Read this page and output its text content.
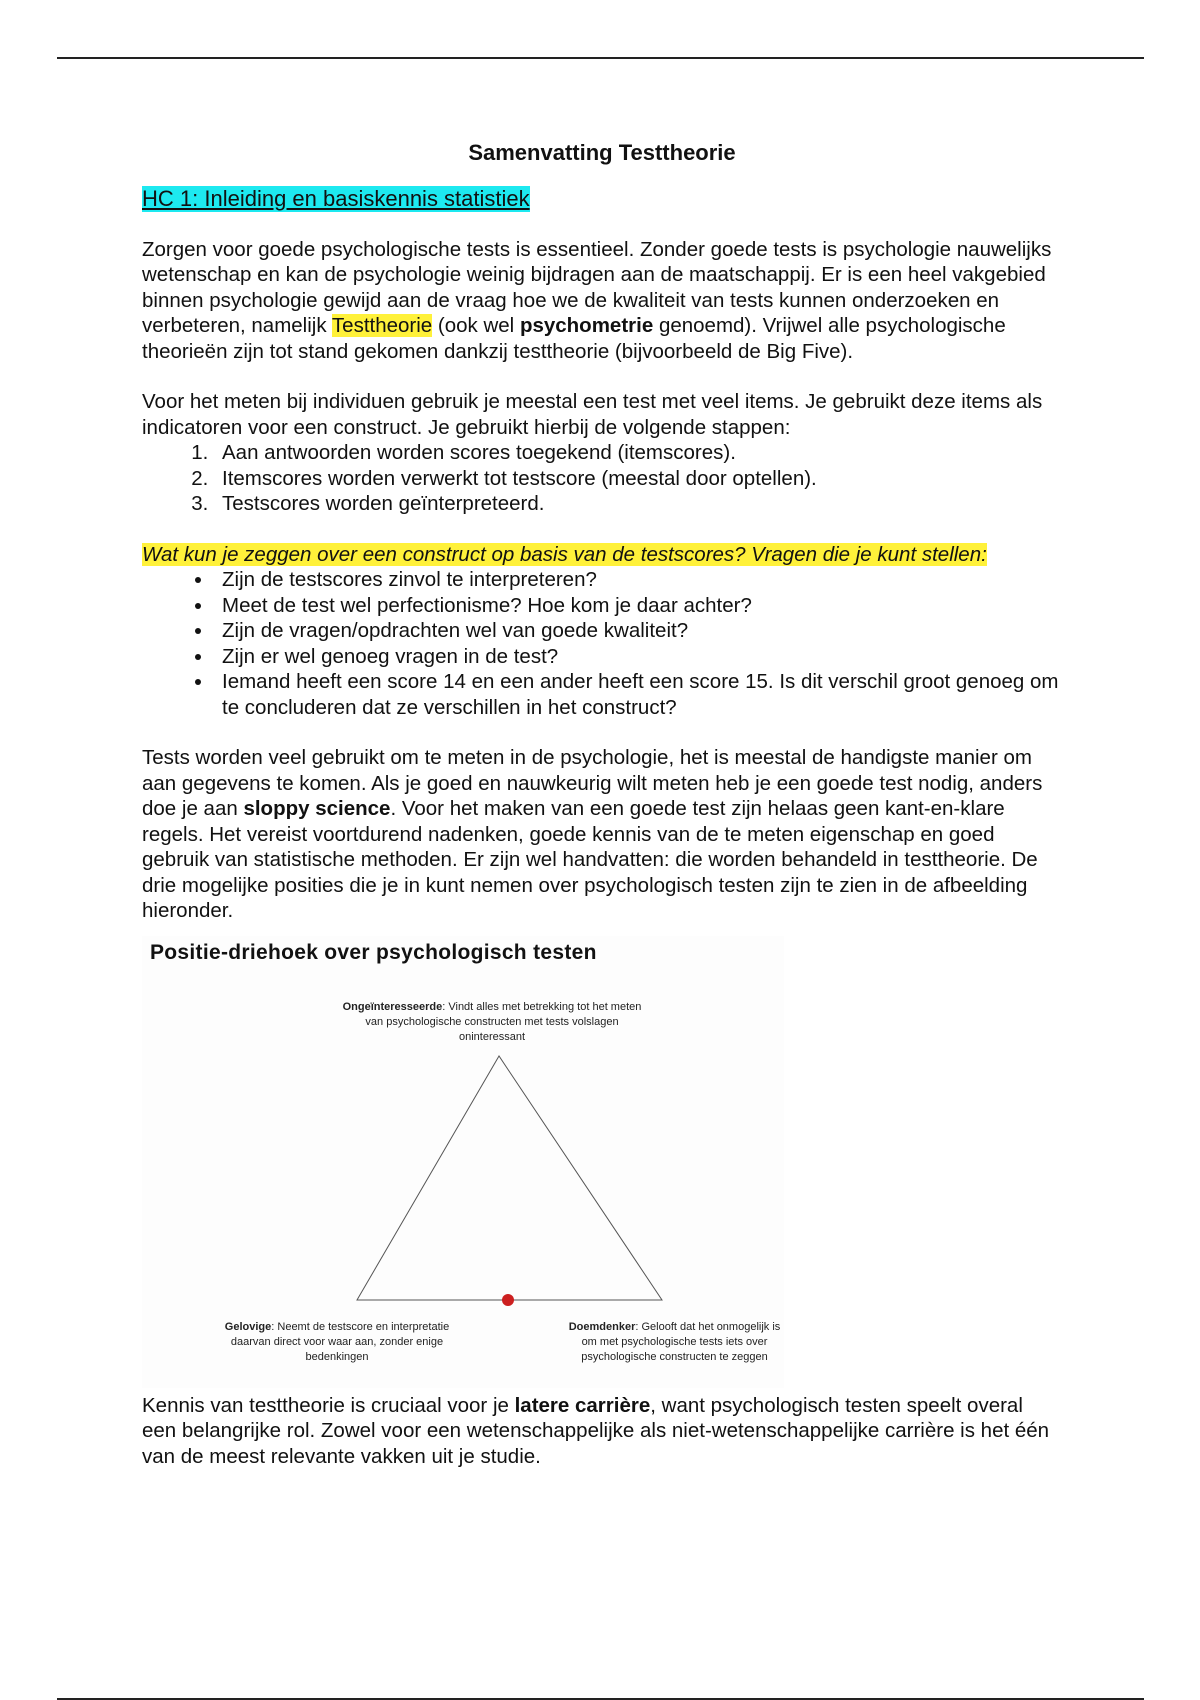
Samenvatting Testtheorie
HC 1: Inleiding en basiskennis statistiek

Zorgen voor goede psychologische tests is essentieel. Zonder goede tests is psychologie nauwelijks wetenschap en kan de psychologie weinig bijdragen aan de maatschappij. Er is een heel vakgebied binnen psychologie gewijd aan de vraag hoe we de kwaliteit van tests kunnen onderzoeken en verbeteren, namelijk Testtheorie (ook wel psychometrie genoemd). Vrijwel alle psychologische theorieën zijn tot stand gekomen dankzij testtheorie (bijvoorbeeld de Big Five).

Voor het meten bij individuen gebruik je meestal een test met veel items. Je gebruikt deze items als indicatoren voor een construct. Je gebruikt hierbij de volgende stappen:

1. Aan antwoorden worden scores toegekend (itemscores).
2. Itemscores worden verwerkt tot testscore (meestal door optellen).
3. Testscores worden geïnterpreteerd.
Wat kun je zeggen over een construct op basis van de testscores? Vragen die je kunt stellen:
• Zijn de testscores zinvol te interpreteren?
• Meet de test wel perfectionisme? Hoe kom je daar achter?
• Zijn de vragen/opdrachten wel van goede kwaliteit?
• Zijn er wel genoeg vragen in de test?
• Iemand heeft een score 14 en een ander heeft een score 15. Is dit verschil groot genoeg om te concluderen dat ze verschillen in het construct?

Tests worden veel gebruikt om te meten in de psychologie, het is meestal de handigste manier om aan gegevens te komen. Als je goed en nauwkeurig wilt meten heb je een goede test nodig, anders doe je aan sloppy science. Voor het maken van een goede test zijn helaas geen kant-en-klare regels. Het vereist voortdurend nadenken, goede kennis van de te meten eigenschap en goed gebruik van statistische methoden. Er zijn wel handvatten: die worden behandeld in testtheorie. De drie mogelijke posities die je in kunt nemen over psychologisch testen zijn te zien in de afbeelding hieronder.

Positie-driehoek over psychologisch testen
Ongeïnteresseerde: Vindt alles met betrekking tot het meten van psychologische constructen met tests volslagen oninteressant
Gelovige: Neemt de testscore en interpretatie daarvan direct voor waar aan, zonder enige bedenkingen
Doemdenker: Gelooft dat het onmogelijk is om met psychologische tests iets over psychologische constructen te zeggen

Kennis van testtheorie is cruciaal voor je latere carrière, want psychologisch testen speelt overal een belangrijke rol. Zowel voor een wetenschappelijke als niet-wetenschappelijke carrière is het één van de meest relevante vakken uit je studie.
